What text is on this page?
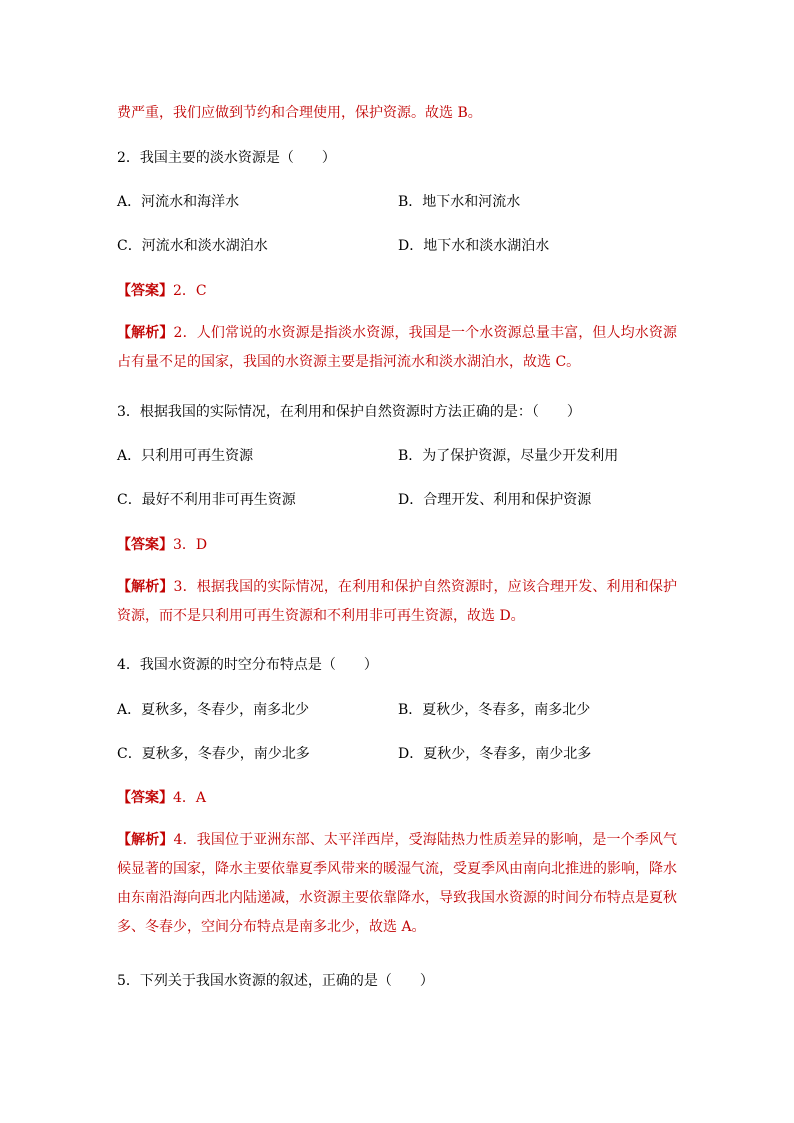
费严重，我们应做到节约和合理使用，保护资源。故选 B。
2．我国主要的淡水资源是（　　）
A．河流水和海洋水	B．地下水和河流水
C．河流水和淡水湖泊水	D．地下水和淡水湖泊水
【答案】2．C
【解析】2．人们常说的水资源是指淡水资源，我国是一个水资源总量丰富，但人均水资源占有量不足的国家，我国的水资源主要是指河流水和淡水湖泊水，故选 C。
3．根据我国的实际情况，在利用和保护自然资源时方法正确的是：（　　）
A．只利用可再生资源	B．为了保护资源，尽量少开发利用
C．最好不利用非可再生资源	D．合理开发、利用和保护资源
【答案】3．D
【解析】3．根据我国的实际情况，在利用和保护自然资源时，应该合理开发、利用和保护资源，而不是只利用可再生资源和不利用非可再生资源，故选 D。
4．我国水资源的时空分布特点是（　　）
A．夏秋多，冬春少，南多北少	B．夏秋少，冬春多，南多北少
C．夏秋多，冬春少，南少北多	D．夏秋少，冬春多，南少北多
【答案】4．A
【解析】4．我国位于亚洲东部、太平洋西岸，受海陆热力性质差异的影响，是一个季风气候显著的国家，降水主要依靠夏季风带来的暖湿气流，受夏季风由南向北推进的影响，降水由东南沿海向西北内陆递减，水资源主要依靠降水，导致我国水资源的时间分布特点是夏秋多、冬春少，空间分布特点是南多北少，故选 A。
5．下列关于我国水资源的叙述，正确的是（　　）
